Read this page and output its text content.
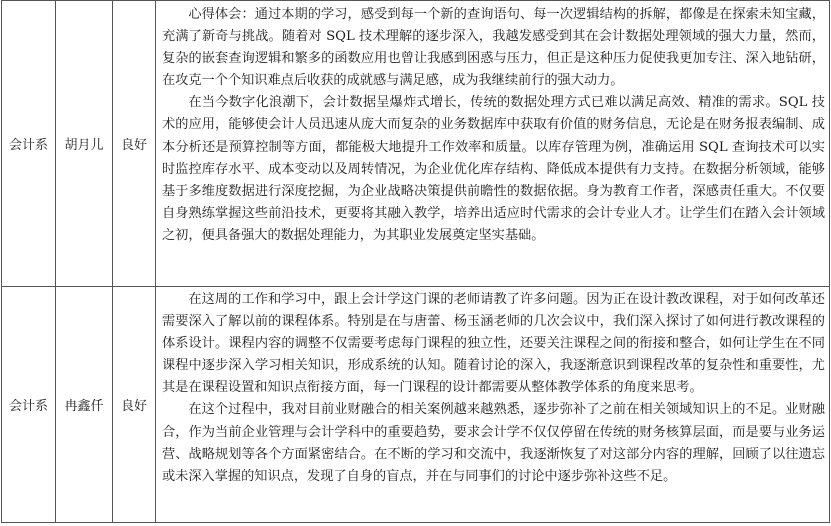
会计系	胡月儿	良好	心得体会：通过本期的学习，感受到每一个新的查询语句、每一次逻辑结构的拆解，都像是在探索未知宝藏，充满了新奇与挑战。随着对 SQL 技术理解的逐步深入，我越发感受到其在会计数据处理领域的强大力量，然而，复杂的嵌套查询逻辑和繁多的函数应用也曾让我感到困惑与压力，但正是这种压力促使我更加专注、深入地钻研，在攻克一个个知识难点后收获的成就感与满足感，成为我继续前行的强大动力。

在当今数字化浪潮下，会计数据呈爆炸式增长，传统的数据处理方式已难以满足高效、精准的需求。SQL 技术的应用，能够使会计人员迅速从庞大而复杂的业务数据库中获取有价值的财务信息，无论是在财务报表编制、成本分析还是预算控制等方面，都能极大地提升工作效率和质量。以库存管理为例，准确运用 SQL 查询技术可以实时监控库存水平、成本变动以及周转情况，为企业优化库存结构、降低成本提供有力支持。在数据分析领域，能够基于多维度数据进行深度挖掘，为企业战略决策提供前瞻性的数据依据。身为教育工作者，深感责任重大。不仅要自身熟练掌握这些前沿技术，更要将其融入教学，培养出适应时代需求的会计专业人才。让学生们在踏入会计领域之初，便具备强大的数据处理能力，为其职业发展奠定坚实基础。

会计系	冉鑫仟	良好	在这周的工作和学习中，跟上会计学这门课的老师请教了许多问题。因为正在设计教改课程，对于如何改革还需要深入了解以前的课程体系。特别是在与唐蕾、杨玉涵老师的几次会议中，我们深入探讨了如何进行教改课程的体系设计。课程内容的调整不仅需要考虑每门课程的独立性，还要关注课程之间的衔接和整合，如何让学生在不同课程中逐步深入学习相关知识，形成系统的认知。随着讨论的深入，我逐渐意识到课程改革的复杂性和重要性，尤其是在课程设置和知识点衔接方面，每一门课程的设计都需要从整体教学体系的角度来思考。

在这个过程中，我对目前业财融合的相关案例越来越熟悉，逐步弥补了之前在相关领域知识上的不足。业财融合，作为当前企业管理与会计学科中的重要趋势，要求会计学不仅仅停留在传统的财务核算层面，而是要与业务运营、战略规划等各个方面紧密结合。在不断的学习和交流中，我逐渐恢复了对这部分内容的理解，回顾了以往遗忘或未深入掌握的知识点，发现了自身的盲点，并在与同事们的讨论中逐步弥补这些不足。
